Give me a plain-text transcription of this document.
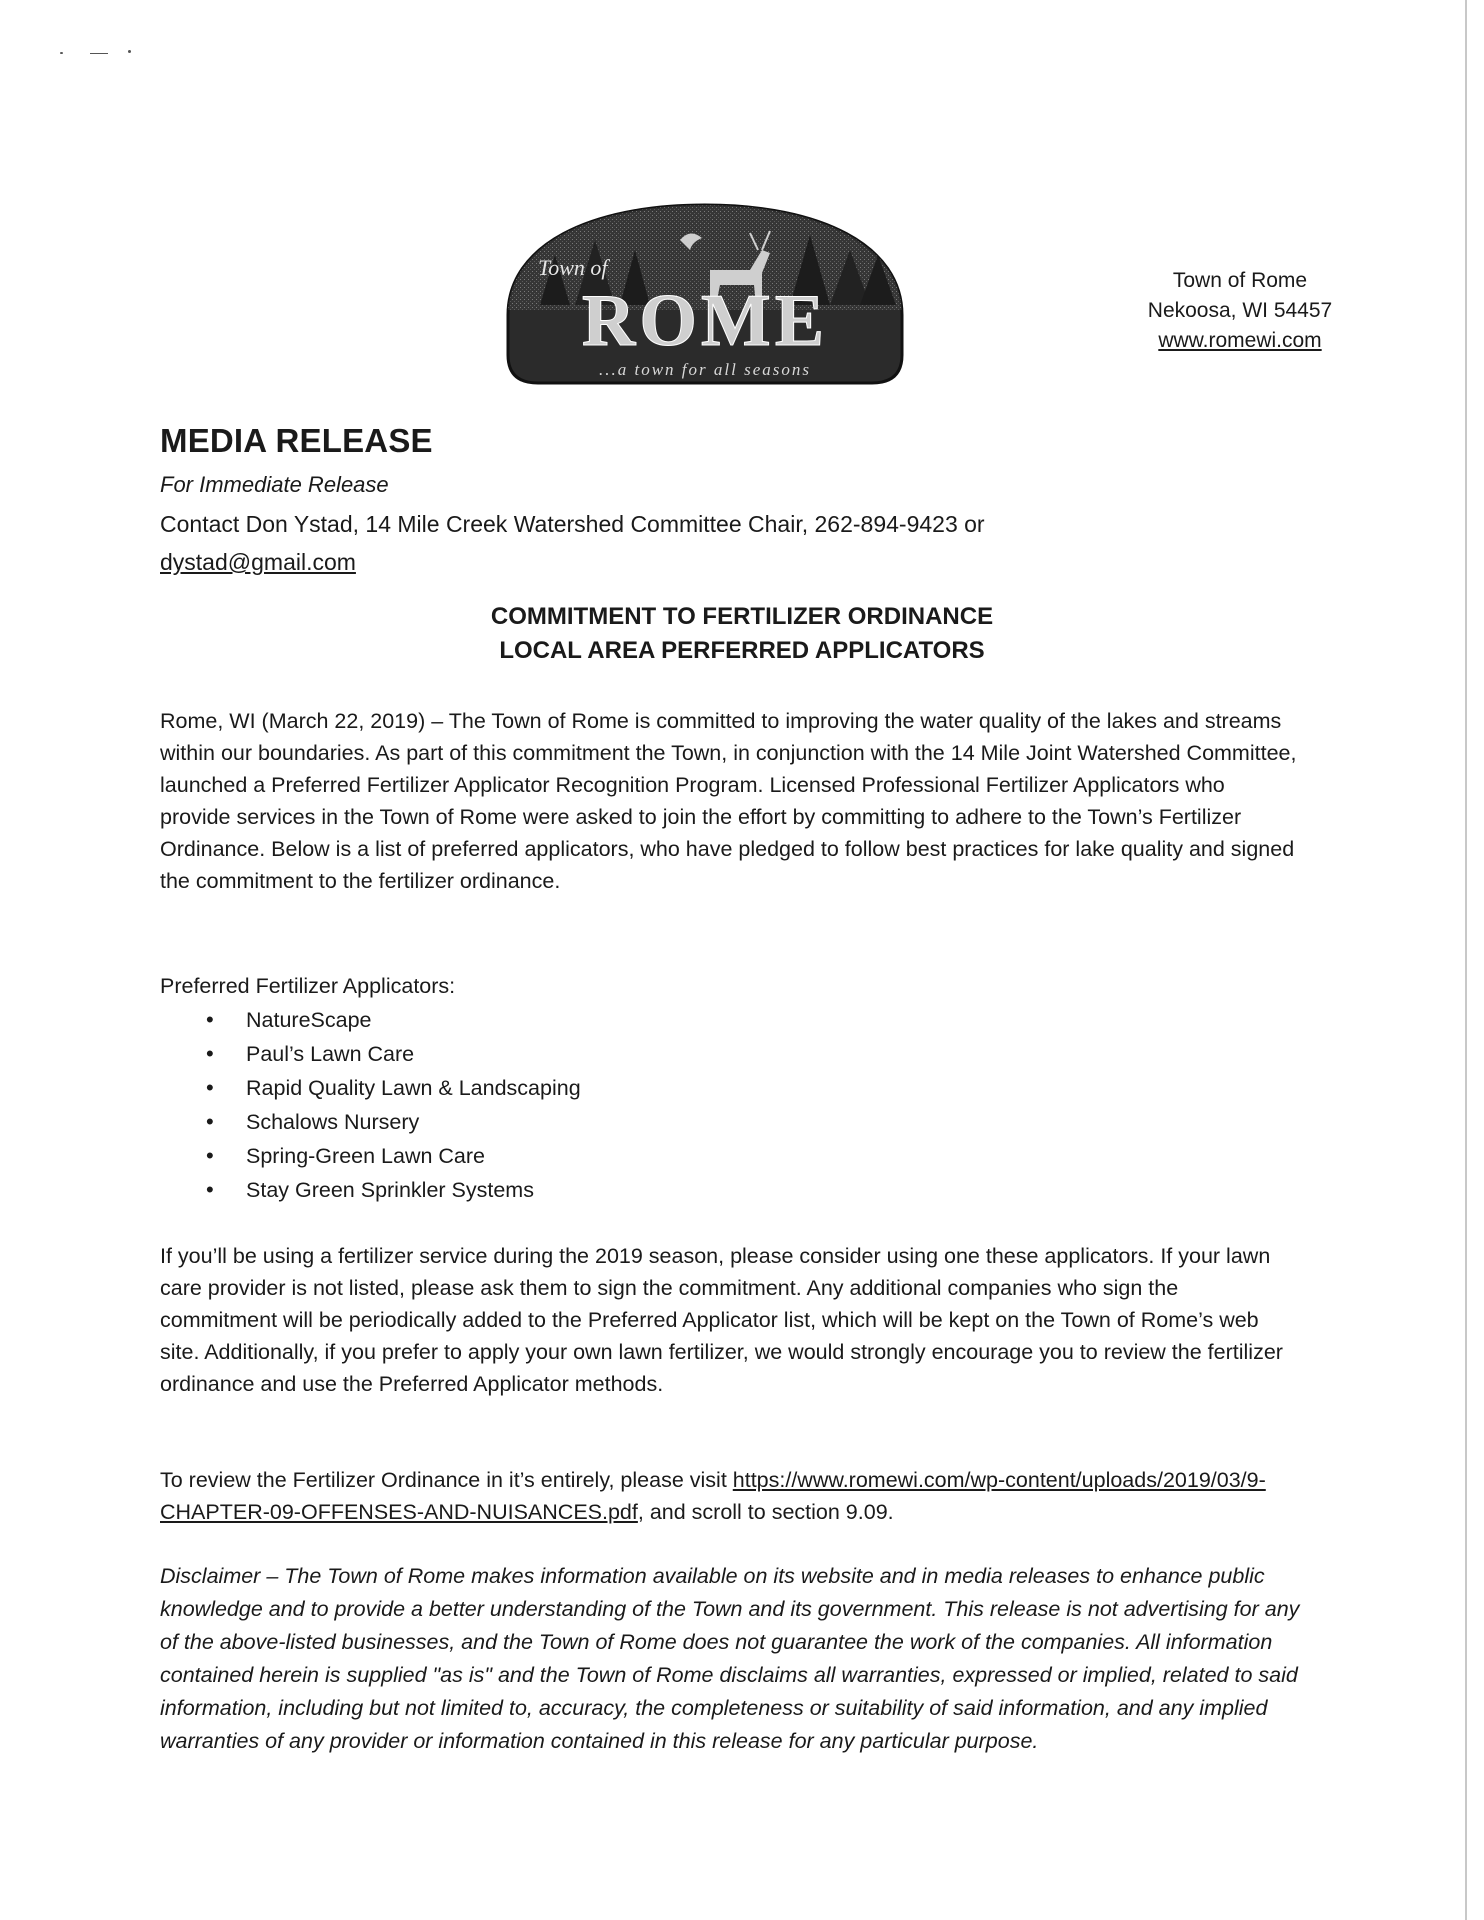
Town of
ROME
...a town for all seasons
Town of Rome
Nekoosa, WI 54457
www.romewi.com
MEDIA RELEASE
For Immediate Release
Contact Don Ystad, 14 Mile Creek Watershed Committee Chair, 262-894-9423 or
dystad@gmail.com
COMMITMENT TO FERTILIZER ORDINANCE
LOCAL AREA PERFERRED APPLICATORS
Rome, WI (March 22, 2019) – The Town of Rome is committed to improving the water quality of the lakes and streams within our boundaries. As part of this commitment the Town, in conjunction with the 14 Mile Joint Watershed Committee, launched a Preferred Fertilizer Applicator Recognition Program. Licensed Professional Fertilizer Applicators who provide services in the Town of Rome were asked to join the effort by committing to adhere to the Town’s Fertilizer Ordinance. Below is a list of preferred applicators, who have pledged to follow best practices for lake quality and signed the commitment to the fertilizer ordinance.
Preferred Fertilizer Applicators:
• NatureScape
• Paul’s Lawn Care
• Rapid Quality Lawn & Landscaping
• Schalows Nursery
• Spring-Green Lawn Care
• Stay Green Sprinkler Systems
If you’ll be using a fertilizer service during the 2019 season, please consider using one these applicators. If your lawn care provider is not listed, please ask them to sign the commitment. Any additional companies who sign the commitment will be periodically added to the Preferred Applicator list, which will be kept on the Town of Rome’s web site. Additionally, if you prefer to apply your own lawn fertilizer, we would strongly encourage you to review the fertilizer ordinance and use the Preferred Applicator methods.
To review the Fertilizer Ordinance in it’s entirely, please visit https://www.romewi.com/wp-content/uploads/2019/03/9-CHAPTER-09-OFFENSES-AND-NUISANCES.pdf, and scroll to section 9.09.
Disclaimer – The Town of Rome makes information available on its website and in media releases to enhance public knowledge and to provide a better understanding of the Town and its government. This release is not advertising for any of the above-listed businesses, and the Town of Rome does not guarantee the work of the companies. All information contained herein is supplied "as is" and the Town of Rome disclaims all warranties, expressed or implied, related to said information, including but not limited to, accuracy, the completeness or suitability of said information, and any implied warranties of any provider or information contained in this release for any particular purpose.
